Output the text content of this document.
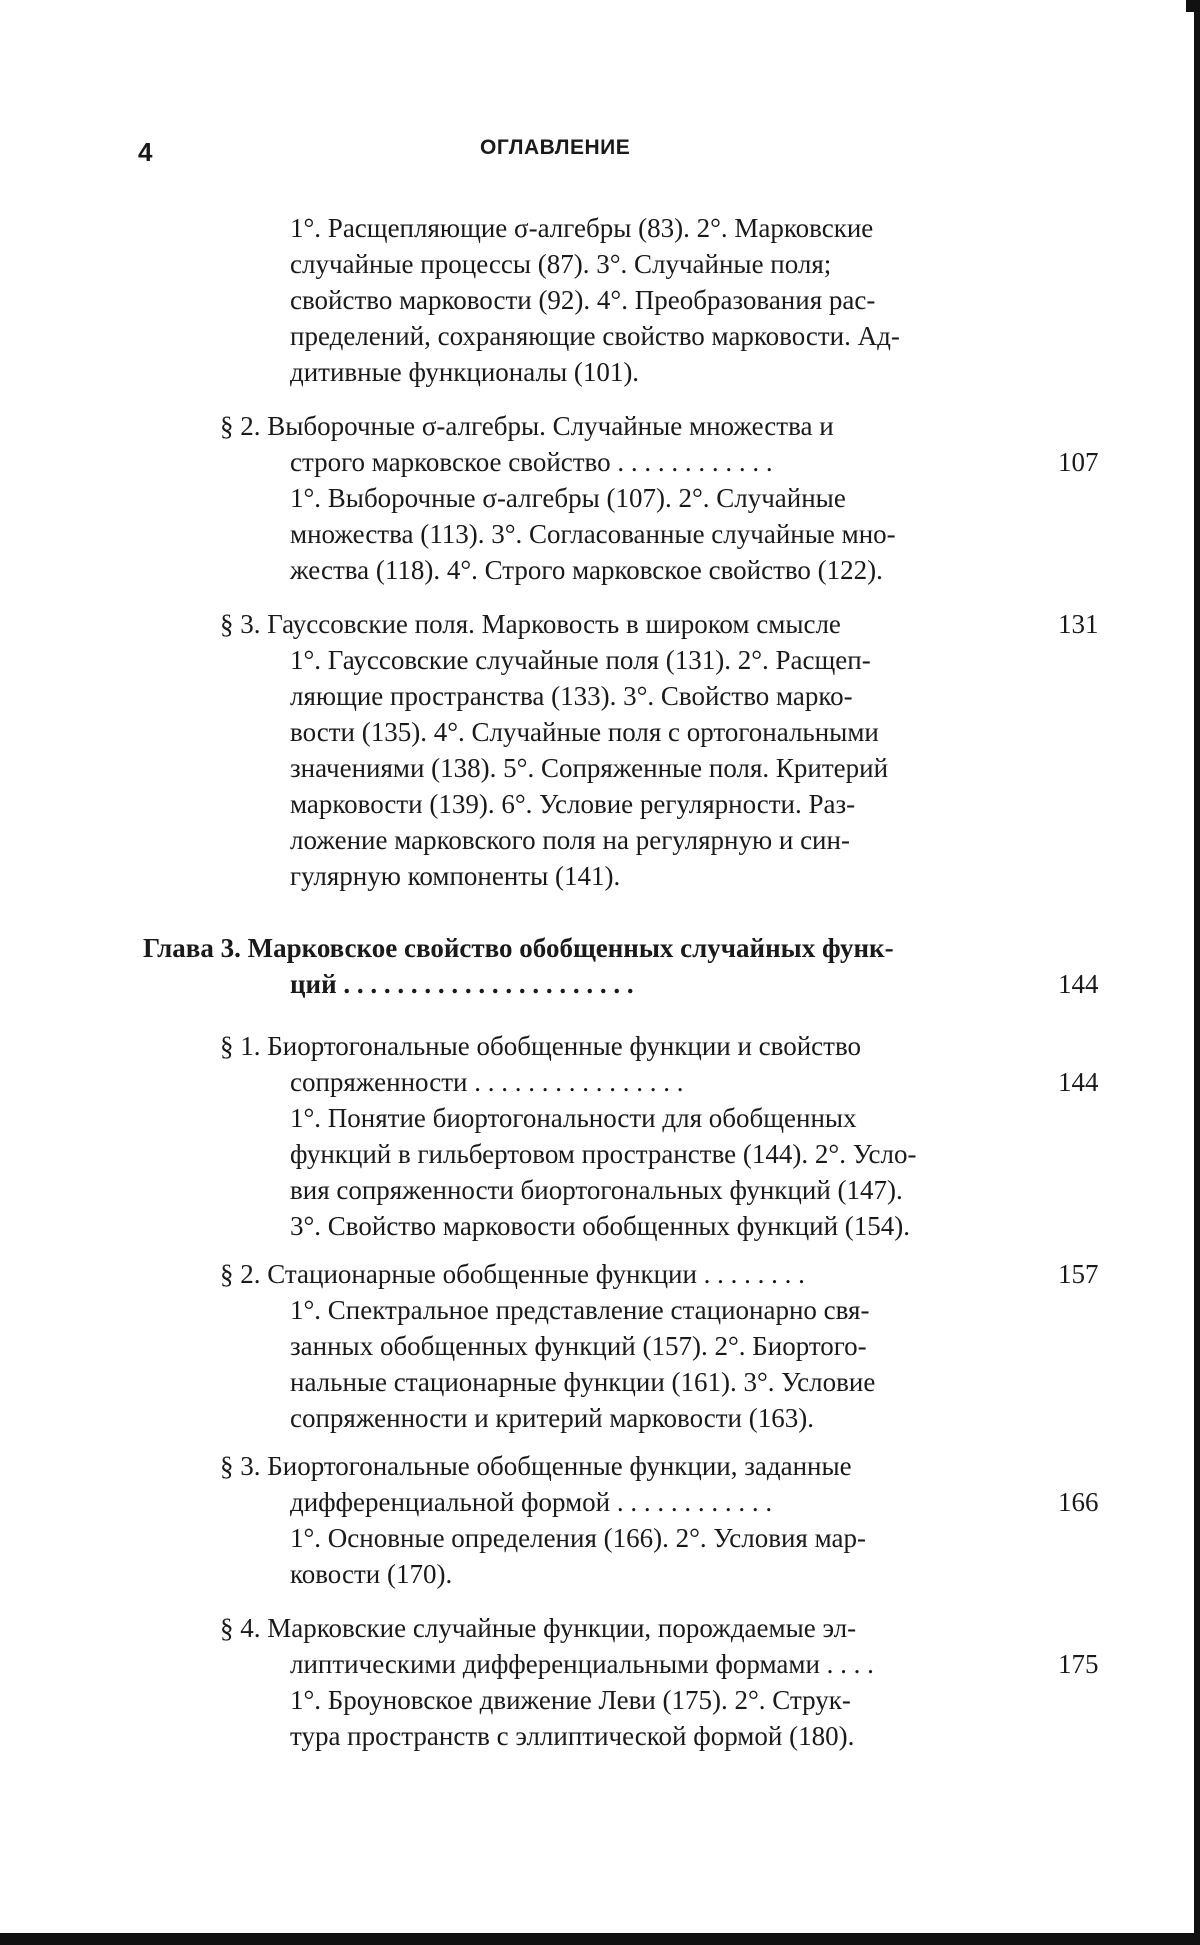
4	ОГЛАВЛЕНИЕ
1°. Расщепляющие σ-алгебры (83). 2°. Марковские
случайные процессы (87). 3°. Случайные поля;
свойство марковости (92). 4°. Преобразования рас-
пределений, сохраняющие свойство марковости. Ад-
дитивные функционалы (101).
§ 2. Выборочные σ-алгебры. Случайные множества и
строго марковское свойство . . . . . . . . . . . .	107
1°. Выборочные σ-алгебры (107). 2°. Случайные
множества (113). 3°. Согласованные случайные мно-
жества (118). 4°. Строго марковское свойство (122).
§ 3. Гауссовские поля. Марковость в широком смысле	131
1°. Гауссовские случайные поля (131). 2°. Расщеп-
ляющие пространства (133). 3°. Свойство марко-
вости (135). 4°. Случайные поля с ортогональными
значениями (138). 5°. Сопряженные поля. Критерий
марковости (139). 6°. Условие регулярности. Раз-
ложение марковского поля на регулярную и син-
гулярную компоненты (141).
Глава 3. Марковское свойство обобщенных случайных функ-
ций . . . . . . . . . . . . . . . . . . . . . .	144
§ 1. Биортогональные обобщенные функции и свойство
сопряженности . . . . . . . . . . . . . . . .	144
1°. Понятие биортогональности для обобщенных
функций в гильбертовом пространстве (144). 2°. Усло-
вия сопряженности биортогональных функций (147).
3°. Свойство марковости обобщенных функций (154).
§ 2. Стационарные обобщенные функции . . . . . . . .	157
1°. Спектральное представление стационарно свя-
занных обобщенных функций (157). 2°. Биортого-
нальные стационарные функции (161). 3°. Условие
сопряженности и критерий марковости (163).
§ 3. Биортогональные обобщенные функции, заданные
дифференциальной формой . . . . . . . . . . . .	166
1°. Основные определения (166). 2°. Условия мар-
ковости (170).
§ 4. Марковские случайные функции, порождаемые эл-
липтическими дифференциальными формами . . . .	175
1°. Броуновское движение Леви (175). 2°. Струк-
тура пространств с эллиптической формой (180).
